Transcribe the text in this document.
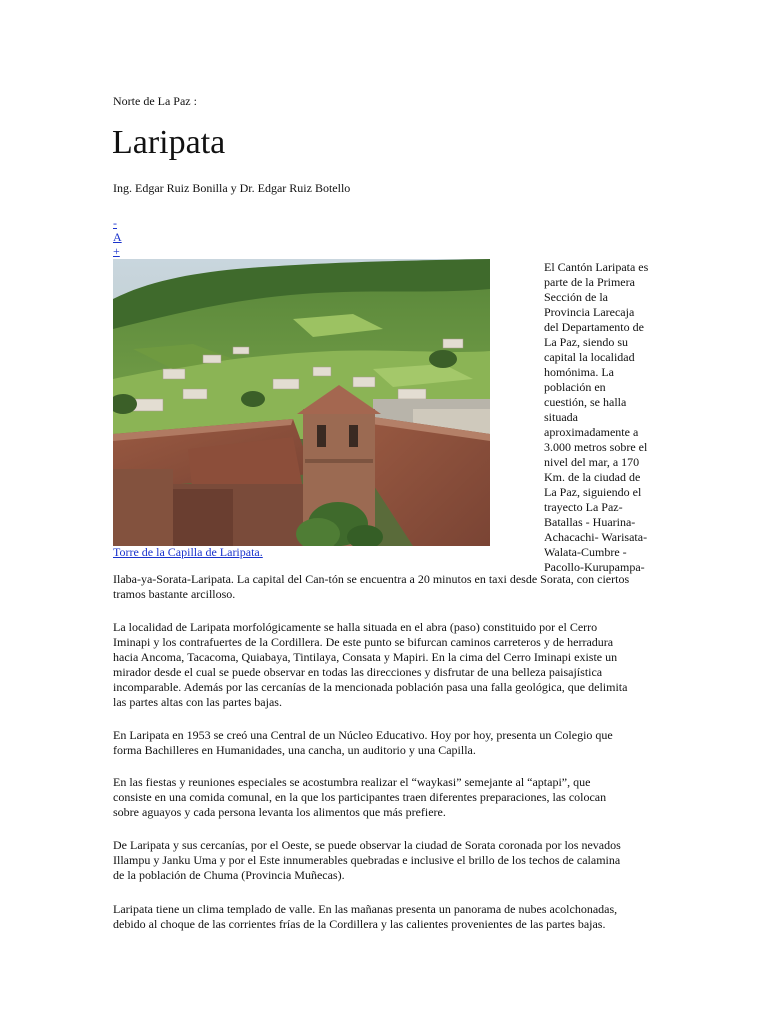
Norte de La Paz :
Laripata
Ing. Edgar Ruiz Bonilla y Dr. Edgar Ruiz Botello
-
A
+
Torre de la Capilla de Laripata.
El Cantón Laripata es
parte de la Primera
Sección de la
Provincia Larecaja
del Departamento de
La Paz, siendo su
capital la localidad
homónima. La
población en
cuestión, se halla
situada
aproximadamente a
3.000 metros sobre el
nivel del mar, a 170
Km. de la ciudad de
La Paz, siguiendo el
trayecto La Paz-
Batallas - Huarina-
Achacachi- Warisata-
Walata-Cumbre -
Pacollo-Kurupampa-
Ilaba-ya-Sorata-Laripata. La capital del Can-tón se encuentra a 20 minutos en taxi desde Sorata, con ciertos
tramos bastante arcilloso.

La localidad de Laripata morfológicamente se halla situada en el abra (paso) constituido por el Cerro
Iminapi y los contrafuertes de la Cordillera. De este punto se bifurcan caminos carreteros y de herradura
hacia Ancoma, Tacacoma, Quiabaya, Tintilaya, Consata y Mapiri. En la cima del Cerro Iminapi existe un
mirador desde el cual se puede observar en todas las direcciones y disfrutar de una belleza paisajística
incomparable. Además por las cercanías de la mencionada población pasa una falla geológica, que delimita
las partes altas con las partes bajas.

En Laripata en 1953 se creó una Central de un Núcleo Educativo. Hoy por hoy, presenta un Colegio que
forma Bachilleres en Humanidades, una cancha, un auditorio y una Capilla.

En las fiestas y reuniones especiales se acostumbra realizar el “waykasi” semejante al “aptapi”, que
consiste en una comida comunal, en la que los participantes traen diferentes preparaciones, las colocan
sobre aguayos y cada persona levanta los alimentos que más prefiere.

De Laripata y sus cercanías, por el Oeste, se puede observar la ciudad de Sorata coronada por los nevados
Illampu y Janku Uma y por el Este innumerables quebradas e inclusive el brillo de los techos de calamina
de la población de Chuma (Provincia Muñecas).

Laripata tiene un clima templado de valle. En las mañanas presenta un panorama de nubes acolchonadas,
debido al choque de las corrientes frías de la Cordillera y las calientes provenientes de las partes bajas.
